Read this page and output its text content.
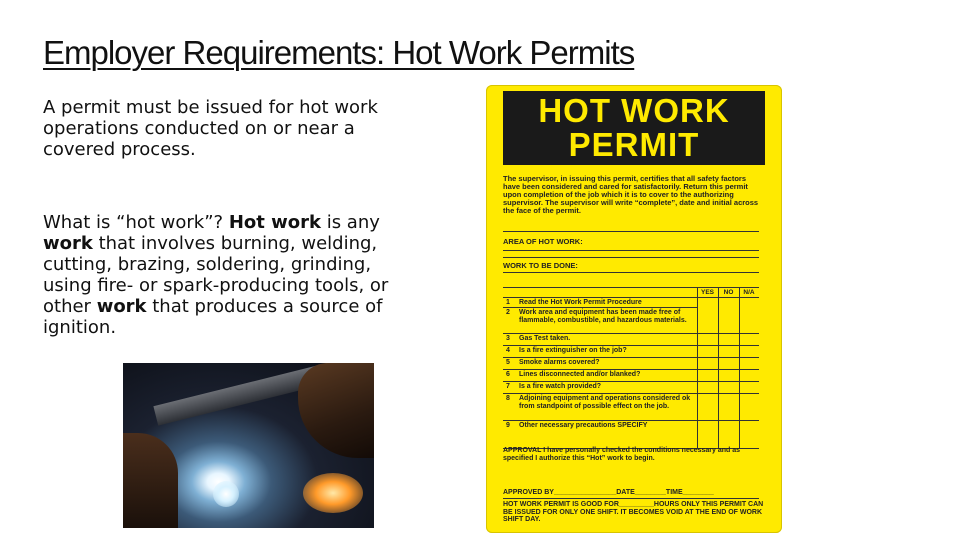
Employer Requirements: Hot Work Permits

A permit must be issued for hot work operations conducted on or near a covered process.

What is “hot work”? Hot work is any work that involves burning, welding, cutting, brazing, soldering, grinding, using fire- or spark-producing tools, or other work that produces a source of ignition.

HOT WORK
PERMIT
The supervisor, in issuing this permit, certifies that all safety factors have been considered and cared for satisfactorily. Return this permit upon completion of the job which it is to cover to the authorizing supervisor. The supervisor will write “complete”, date and initial across the face of the permit.
AREA OF HOT WORK:
WORK TO BE DONE:
YES	NO	N/A
1 Read the Hot Work Permit Procedure
2 Work area and equipment has been made free of flammable, combustible, and hazardous materials.
3 Gas Test taken.
4 Is a fire extinguisher on the job?
5 Smoke alarms covered?
6 Lines disconnected and/or blanked?
7 Is a fire watch provided?
8 Adjoining equipment and operations considered ok from standpoint of possible effect on the job.
9 Other necessary precautions SPECIFY
APPROVAL I have personally checked the conditions necessary and as specified I authorize this “Hot” work to begin.
APPROVED BY________________DATE________TIME________
HOT WORK PERMIT IS GOOD FOR_________HOURS ONLY THIS PERMIT CAN BE ISSUED FOR ONLY ONE SHIFT. IT BECOMES VOID AT THE END OF WORK SHIFT DAY.
